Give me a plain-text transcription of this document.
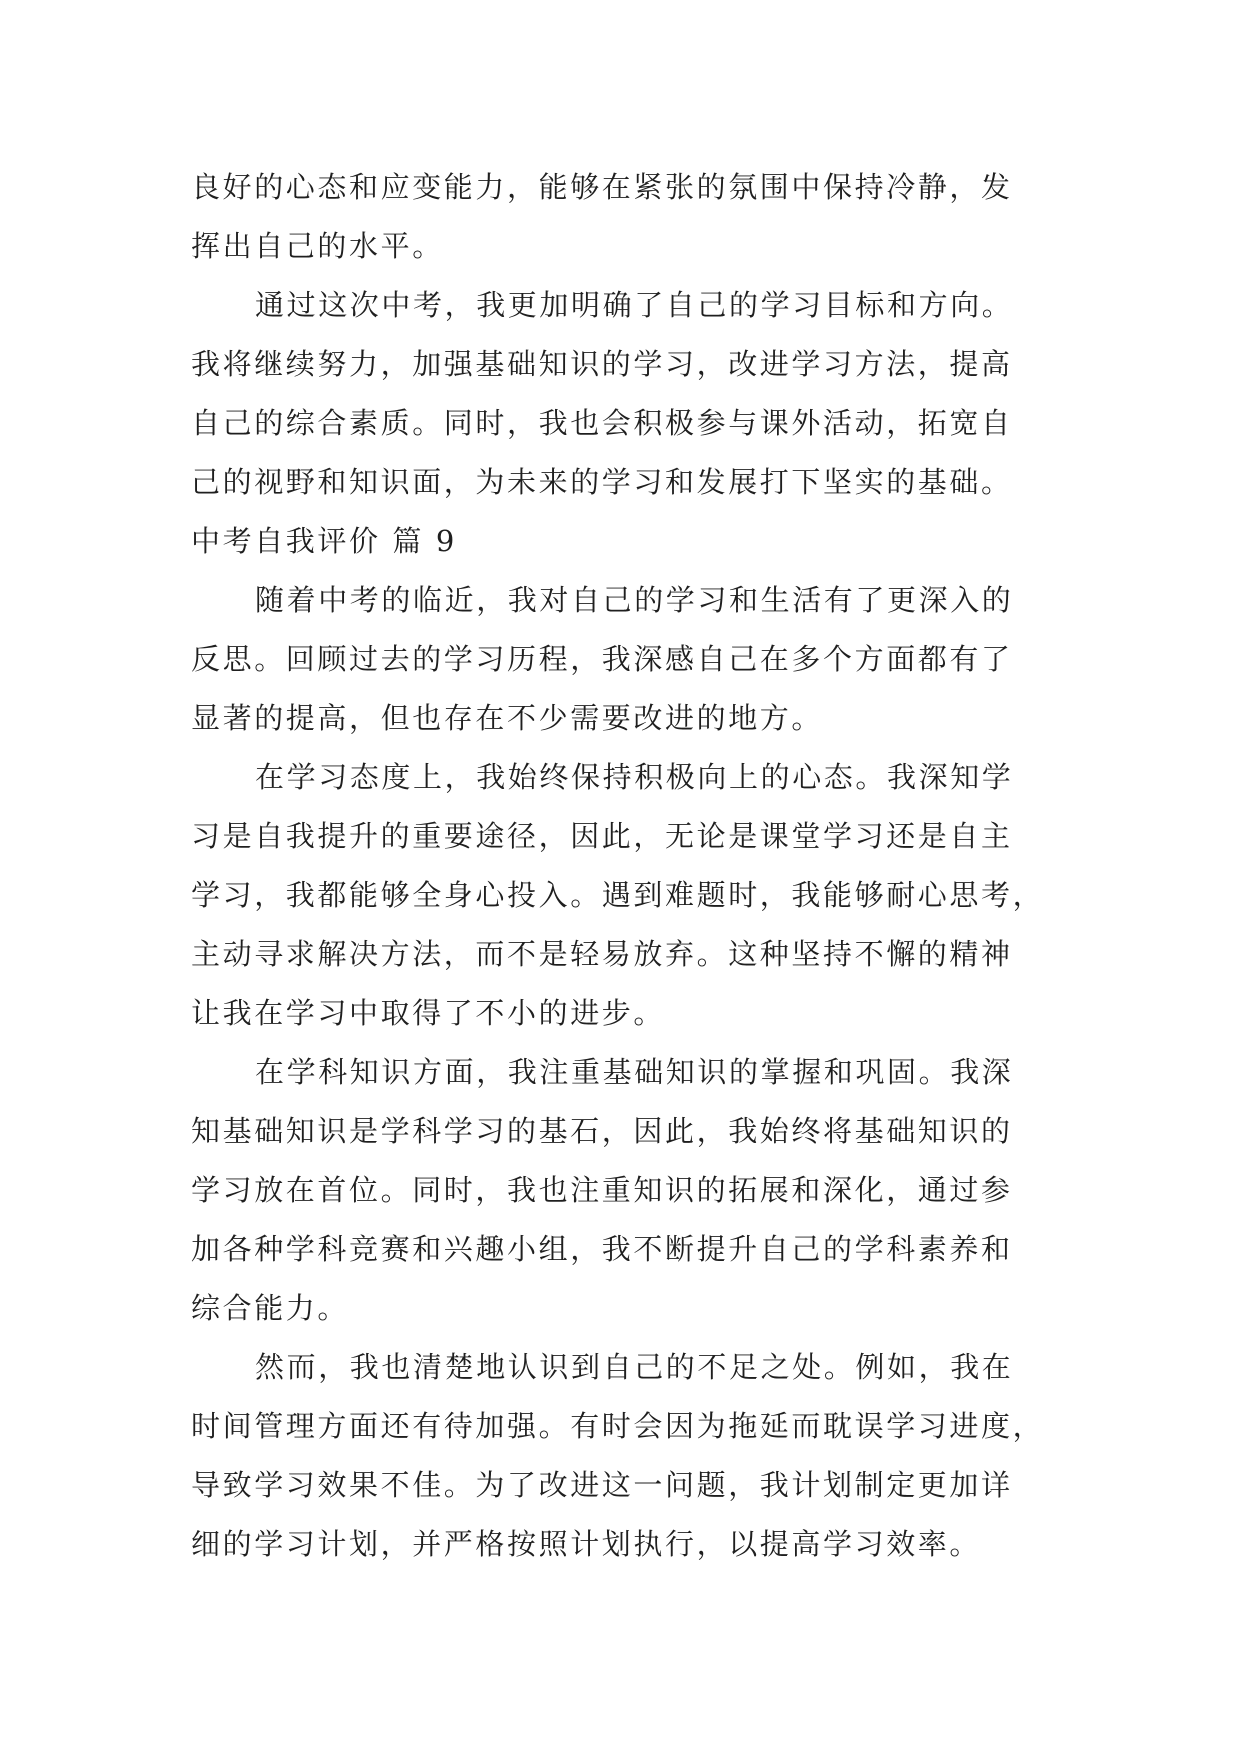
良好的心态和应变能力，能够在紧张的氛围中保持冷静，发
挥出自己的水平。
通过这次中考，我更加明确了自己的学习目标和方向。
我将继续努力，加强基础知识的学习，改进学习方法，提高
自己的综合素质。同时，我也会积极参与课外活动，拓宽自
己的视野和知识面，为未来的学习和发展打下坚实的基础。
中考自我评价 篇 9
随着中考的临近，我对自己的学习和生活有了更深入的
反思。回顾过去的学习历程，我深感自己在多个方面都有了
显著的提高，但也存在不少需要改进的地方。
在学习态度上，我始终保持积极向上的心态。我深知学
习是自我提升的重要途径，因此，无论是课堂学习还是自主
学习，我都能够全身心投入。遇到难题时，我能够耐心思考，
主动寻求解决方法，而不是轻易放弃。这种坚持不懈的精神
让我在学习中取得了不小的进步。
在学科知识方面，我注重基础知识的掌握和巩固。我深
知基础知识是学科学习的基石，因此，我始终将基础知识的
学习放在首位。同时，我也注重知识的拓展和深化，通过参
加各种学科竞赛和兴趣小组，我不断提升自己的学科素养和
综合能力。
然而，我也清楚地认识到自己的不足之处。例如，我在
时间管理方面还有待加强。有时会因为拖延而耽误学习进度，
导致学习效果不佳。为了改进这一问题，我计划制定更加详
细的学习计划，并严格按照计划执行，以提高学习效率。
